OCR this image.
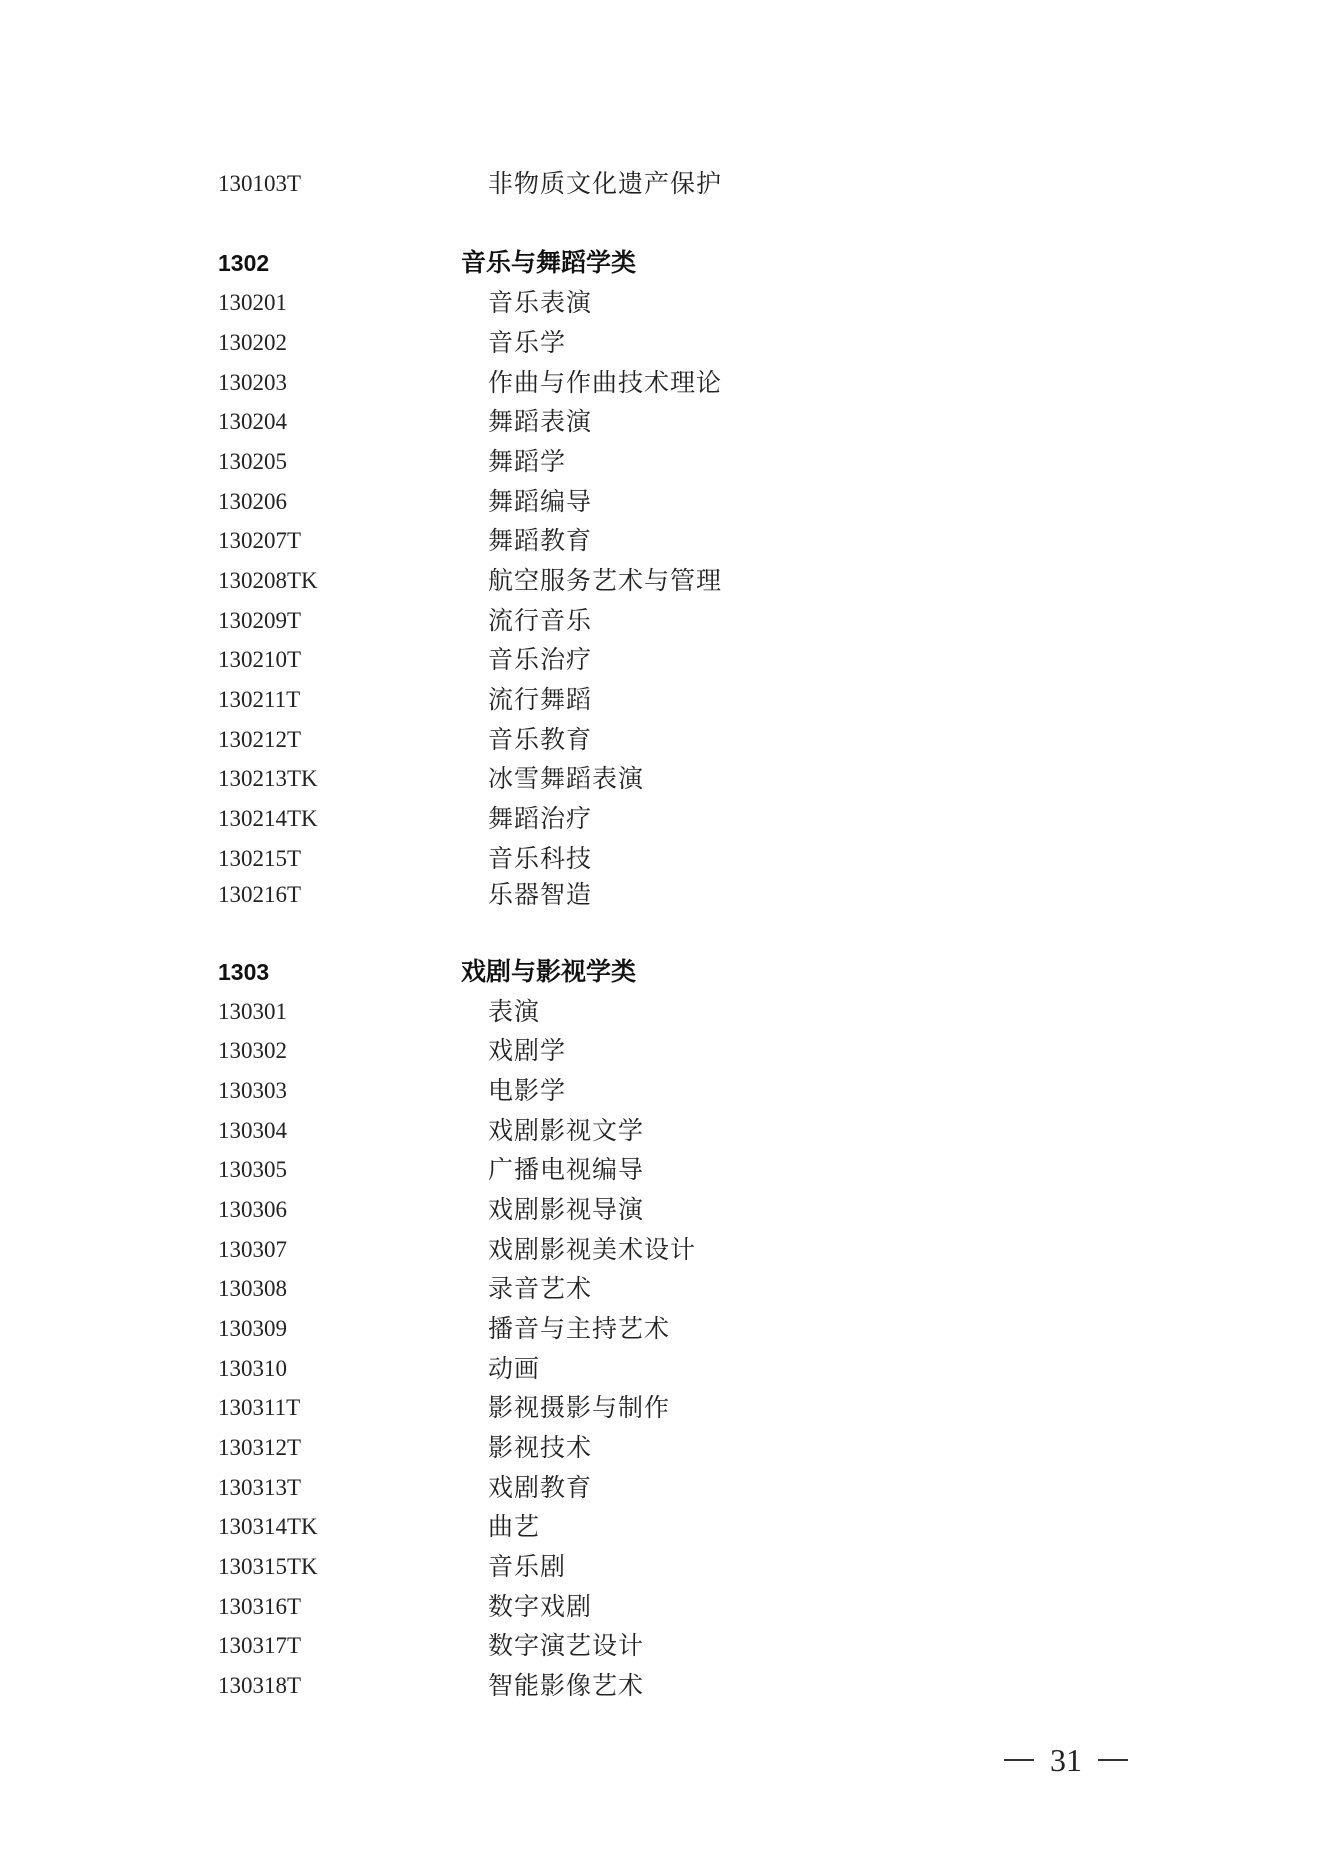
130103T	非物质文化遗产保护
1302	音乐与舞蹈学类
130201	音乐表演
130202	音乐学
130203	作曲与作曲技术理论
130204	舞蹈表演
130205	舞蹈学
130206	舞蹈编导
130207T	舞蹈教育
130208TK	航空服务艺术与管理
130209T	流行音乐
130210T	音乐治疗
130211T	流行舞蹈
130212T	音乐教育
130213TK	冰雪舞蹈表演
130214TK	舞蹈治疗
130215T	音乐科技
130216T	乐器智造
1303	戏剧与影视学类
130301	表演
130302	戏剧学
130303	电影学
130304	戏剧影视文学
130305	广播电视编导
130306	戏剧影视导演
130307	戏剧影视美术设计
130308	录音艺术
130309	播音与主持艺术
130310	动画
130311T	影视摄影与制作
130312T	影视技术
130313T	戏剧教育
130314TK	曲艺
130315TK	音乐剧
130316T	数字戏剧
130317T	数字演艺设计
130318T	智能影像艺术
31
